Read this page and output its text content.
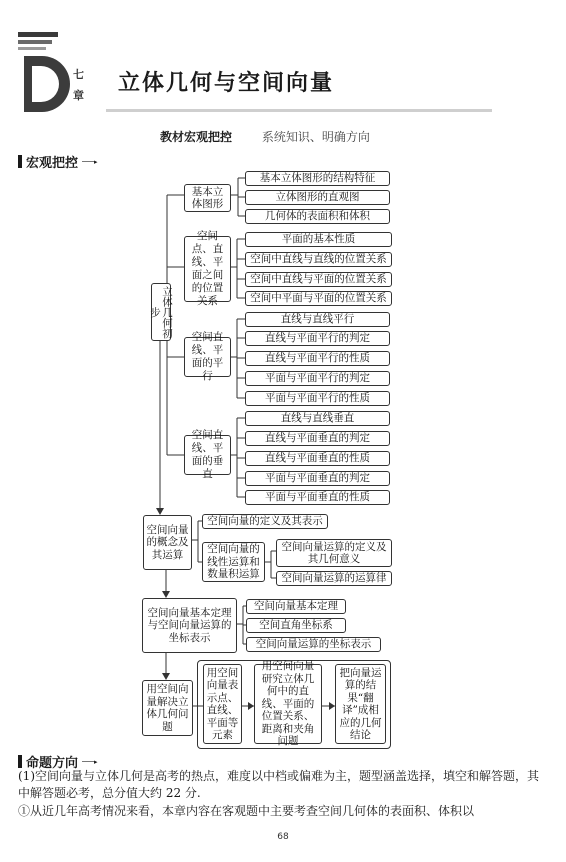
七
章 立体几何与空间向量
教材宏观把控 系统知识、明确方向
宏观把控 ▸
立体几何初步
基本立体图形
基本立体图形的结构特征
立体图形的直观图
几何体的表面积和体积
空间点、直线、平面之间的位置关系
平面的基本性质
空间中直线与直线的位置关系
空间中直线与平面的位置关系
空间中平面与平面的位置关系
空间直线、平面的平行
直线与直线平行
直线与平面平行的判定
直线与平面平行的性质
平面与平面平行的判定
平面与平面平行的性质
空间直线、平面的垂直
直线与直线垂直
直线与平面垂直的判定
直线与平面垂直的性质
平面与平面垂直的判定
平面与平面垂直的性质
空间向量的概念及其运算
空间向量的定义及其表示
空间向量的线性运算和数量积运算
空间向量运算的定义及其几何意义
空间向量运算的运算律
空间向量基本定理与空间向量运算的坐标表示
空间向量基本定理
空间直角坐标系
空间向量运算的坐标表示
用空间向量解决立体几何问题
用空间向量表示点、直线、平面等元素
用空间向量研究立体几何中的直线、平面的位置关系、距离和夹角问题
把向量运算的结果“翻译”成相应的几何结论
命题方向 ▸
(1)空间向量与立体几何是高考的热点，难度以中档或偏难为主，题型涵盖选择，填空和解答题，其中解答题必考，总分值大约 22 分.
①从近几年高考情况来看，本章内容在客观题中主要考查空间几何体的表面积、体积以
68
